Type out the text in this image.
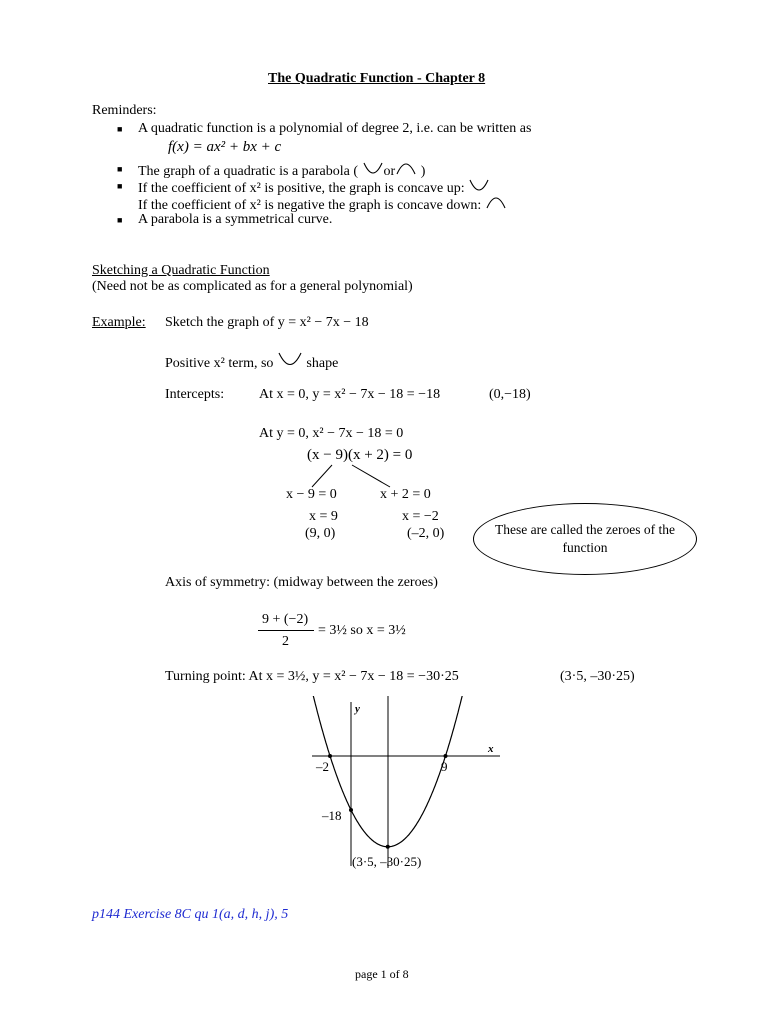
The Quadratic Function - Chapter 8
Reminders:
■ A quadratic function is a polynomial of degree 2, i.e. can be written as
f(x) = ax² + bx + c
■ The graph of a quadratic is a parabola ( or )
■ If the coefficient of x² is positive, the graph is concave up:
If the coefficient of x² is negative the graph is concave down:
■ A parabola is a symmetrical curve.
Sketching a Quadratic Function
(Need not be as complicated as for a general polynomial)
Example: Sketch the graph of y = x² − 7x − 18
Positive x² term, so shape
Intercepts: At x = 0, y = x² − 7x − 18 = −18	(0,−18)
At y = 0, x² − 7x − 18 = 0
(x − 9)(x + 2) = 0
x − 9 = 0	x + 2 = 0
x = 9	x = −2
(9, 0)	(–2, 0)	These are called the zeroes of the function
Axis of symmetry: (midway between the zeroes)
9 + (−2)
2
= 3½ so x = 3½
Turning point: At x = 3½, y = x² − 7x − 18 = −30·25	(3·5, –30·25)
y
x
–2	9
–18
(3·5, –30·25)
p144 Exercise 8C qu 1(a, d, h, j), 5
page 1 of 8
